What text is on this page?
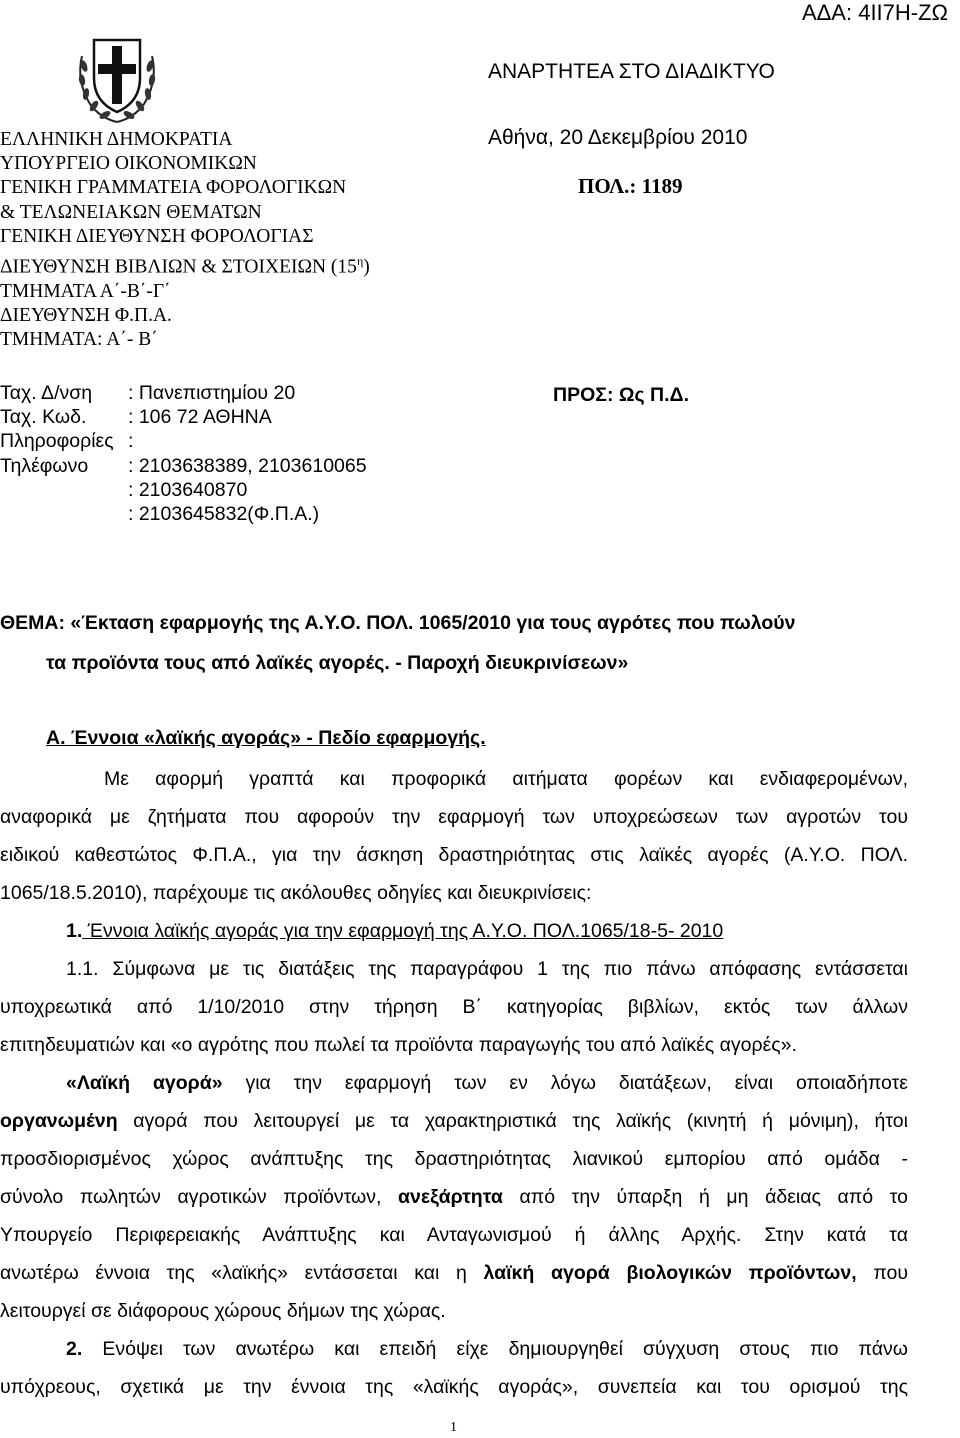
ΑΔΑ: 4ΙΙ7Η-ΖΩ
ΕΛΛΗΝΙΚΗ ΔΗΜΟΚΡΑΤΙΑ
ΥΠΟΥΡΓΕΙΟ ΟΙΚΟΝΟΜΙΚΩΝ
ΓΕΝΙΚΗ ΓΡΑΜΜΑΤΕΙΑ ΦΟΡΟΛΟΓΙΚΩΝ
& ΤΕΛΩΝΕΙΑΚΩΝ ΘΕΜΑΤΩΝ
ΓΕΝΙΚΗ ΔΙΕΥΘΥΝΣΗ ΦΟΡΟΛΟΓΙΑΣ
ΔΙΕΥΘΥΝΣΗ ΒΙΒΛΙΩΝ & ΣΤΟΙΧΕΙΩΝ $(15^\eta)$
ΤΜΗΜΑΤΑ Α΄-Β΄-Γ΄
ΔΙΕΥΘΥΝΣΗ Φ.Π.Α.
ΤΜΗΜΑΤΑ: Α΄- Β΄
ΑΝΑΡΤΗΤΕΑ ΣΤΟ ΔΙΑΔΙΚΤΥΟ
Αθήνα, 20 Δεκεμβρίου 2010
ΠΟΛ.: 1189
Ταχ. Δ/νση : Πανεπιστημίου 20
Ταχ. Κωδ. : 106 72 ΑΘΗΝΑ
Πληροφορίες :
Τηλέφωνο : 2103638389, 2103610065
: 2103640870
: 2103645832(Φ.Π.Α.)
ΠΡΟΣ: Ως Π.Δ.
ΘΕΜΑ: «Έκταση εφαρμογής της Α.Υ.Ο. ΠΟΛ. 1065/2010 για τους αγρότες που πωλούν
τα προϊόντα τους από λαϊκές αγορές. - Παροχή διευκρινίσεων»
Α. Έννοια «λαϊκής αγοράς» - Πεδίο εφαρμογής.
Με αφορμή γραπτά και προφορικά αιτήματα φορέων και ενδιαφερομένων,
αναφορικά με ζητήματα που αφορούν την εφαρμογή των υποχρεώσεων των αγροτών του
ειδικού καθεστώτος Φ.Π.Α., για την άσκηση δραστηριότητας στις λαϊκές αγορές (Α.Υ.Ο. ΠΟΛ.
1065/18.5.2010), παρέχουμε τις ακόλουθες οδηγίες και διευκρινίσεις:
1. Έννοια λαϊκής αγοράς για την εφαρμογή της Α.Υ.Ο. ΠΟΛ.1065/18-5- 2010
1.1. Σύμφωνα με τις διατάξεις της παραγράφου 1 της πιο πάνω απόφασης εντάσσεται
υποχρεωτικά από 1/10/2010 στην τήρηση Β΄ κατηγορίας βιβλίων, εκτός των άλλων
επιτηδευματιών και «ο αγρότης που πωλεί τα προϊόντα παραγωγής του από λαϊκές αγορές».
«Λαϊκή αγορά» για την εφαρμογή των εν λόγω διατάξεων, είναι οποιαδήποτε
οργανωμένη αγορά που λειτουργεί με τα χαρακτηριστικά της λαϊκής (κινητή ή μόνιμη), ήτοι
προσδιορισμένος χώρος ανάπτυξης της δραστηριότητας λιανικού εμπορίου από ομάδα -
σύνολο πωλητών αγροτικών προϊόντων, ανεξάρτητα από την ύπαρξη ή μη άδειας από το
Υπουργείο Περιφερειακής Ανάπτυξης και Ανταγωνισμού ή άλλης Αρχής. Στην κατά τα
ανωτέρω έννοια της «λαϊκής» εντάσσεται και η λαϊκή αγορά βιολογικών προϊόντων, που
λειτουργεί σε διάφορους χώρους δήμων της χώρας.
2. Ενόψει των ανωτέρω και επειδή είχε δημιουργηθεί σύγχυση στους πιο πάνω
υπόχρεους, σχετικά με την έννοια της «λαϊκής αγοράς», συνεπεία και του ορισμού της
1
